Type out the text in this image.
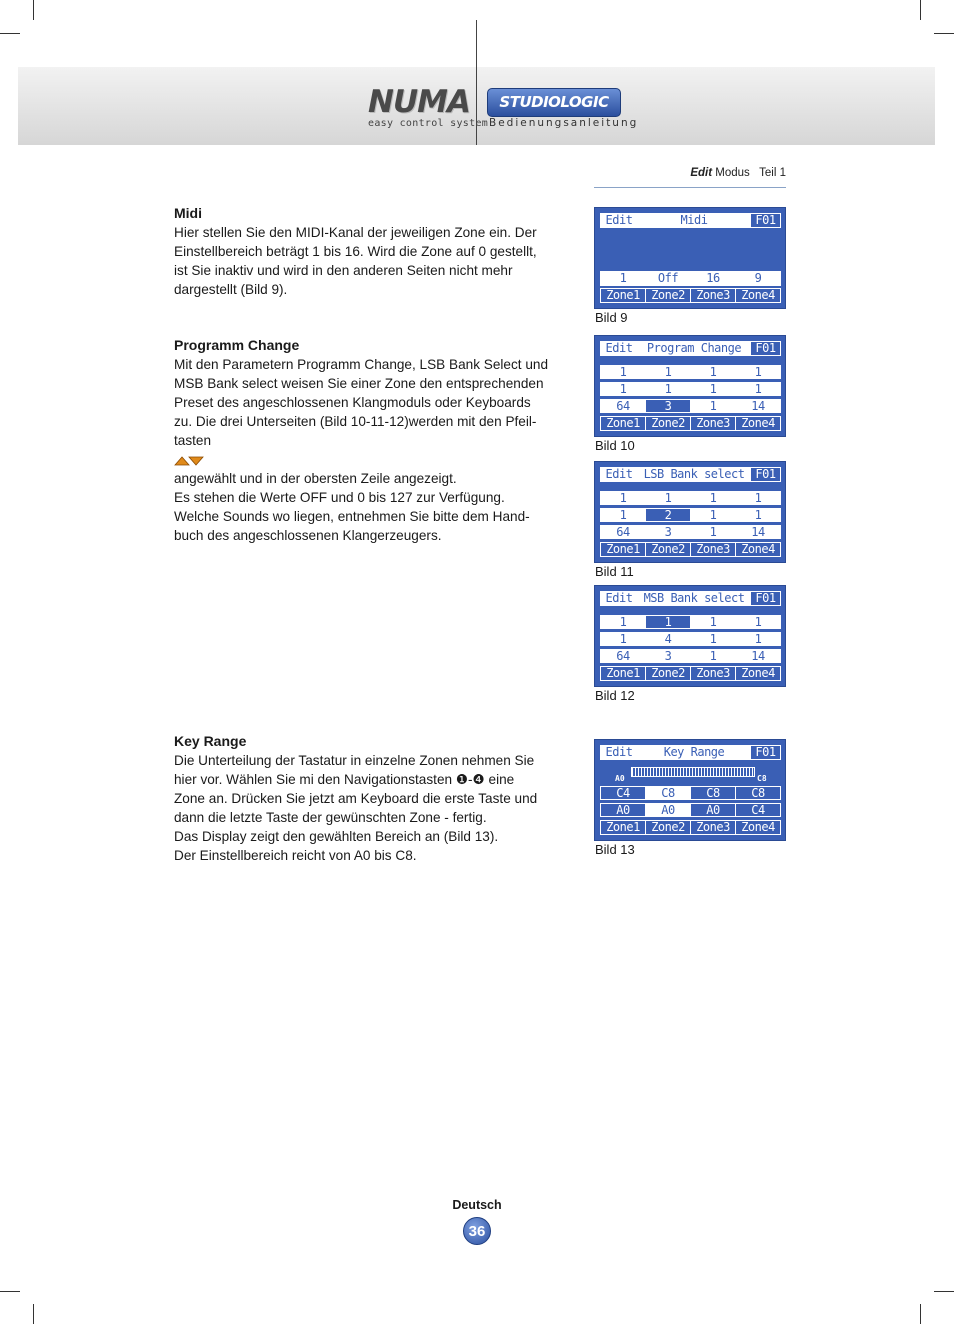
NUMA
easy control system
STUDIOLOGIC
Bedienungsanleitung
Edit Modus   Teil 1
Midi

Hier stellen Sie den MIDI-Kanal der jeweiligen Zone ein. Der
Einstellbereich beträgt 1 bis 16. Wird die Zone auf 0 gestellt,
ist Sie inaktiv und wird in den anderen Seiten nicht mehr
dargestellt (Bild 9).

Programm Change

Mit den Parametern Programm Change, LSB Bank Select und
MSB Bank select weisen Sie einer Zone den entsprechenden
Preset des angeschlossenen Klangmoduls oder Keyboards
zu. Die drei Unterseiten (Bild 10-11-12)werden mit den Pfeil-
tasten

angewählt und in der obersten Zeile angezeigt.
Es stehen die Werte OFF und 0 bis 127 zur Verfügung.
Welche Sounds wo liegen, entnehmen Sie bitte dem Hand-
buch des angeschlossenen Klangerzeugers.

Key Range

Die Unterteilung der Tastatur in einzelne Zonen nehmen Sie
hier vor. Wählen Sie mi den Navigationstasten ❶-❹ eine
Zone an. Drücken Sie jetzt am Keyboard die erste Taste und
dann die letzte Taste der gewünschten Zone - fertig.
Das Display zeigt den gewählten Bereich an (Bild 13).
Der Einstellbereich reicht von A0 bis C8.

Edit	Midi	F01
1	Off	16	9
Zone1 Zone2 Zone3 Zone4
Bild 9
Edit	Program Change	F01
1	1	1	1
1	1	1	1
64	3	1	14
Zone1 Zone2 Zone3 Zone4
Bild 10
Edit LSB Bank select F01
1	1	1	1
1	2	1	1
64	3	1	14
Zone1 Zone2 Zone3 Zone4
Bild 11
Edit MSB Bank select F01
1	1	1	1
1	4	1	1
64	3	1	14
Zone1 Zone2 Zone3 Zone4
Bild 12
Edit	Key Range	F01
A0	C8
C4	C8	C8	C8
A0	A0	A0	C4
Zone1 Zone2 Zone3 Zone4
Bild 13
Deutsch
36
